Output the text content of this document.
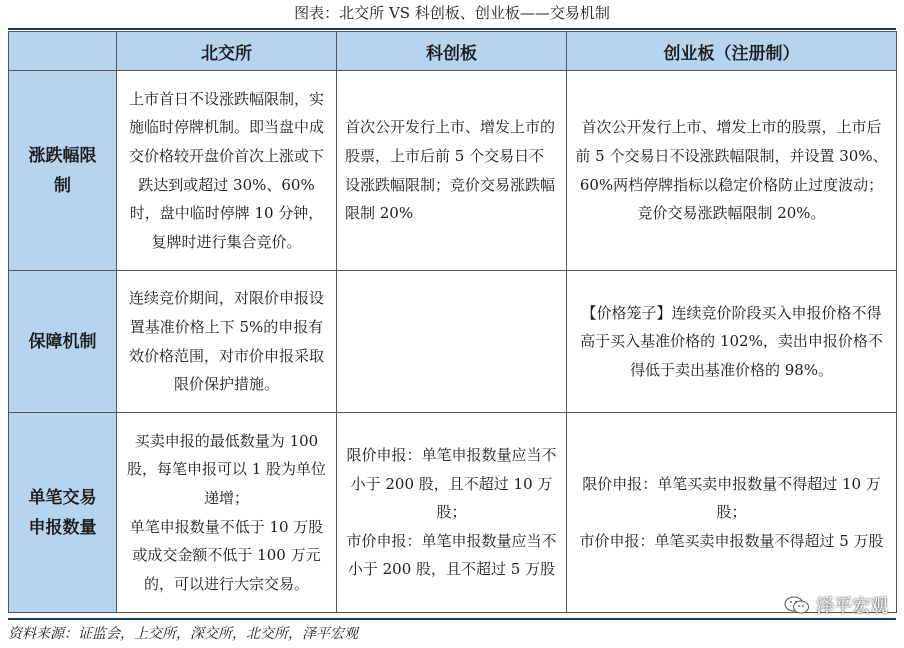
图表：北交所 VS 科创板、创业板——交易机制
	北交所	科创板	创业板（注册制）
涨跌幅限制	上市首日不设涨跌幅限制，实施临时停牌机制。即当盘中成交价格较开盘价首次上涨或下跌达到或超过 30%、60%时，盘中临时停牌 10 分钟，复牌时进行集合竞价。	首次公开发行上市、增发上市的股票，上市后前 5 个交易日不设涨跌幅限制；竞价交易涨跌幅限制 20%	首次公开发行上市、增发上市的股票，上市后前 5 个交易日不设涨跌幅限制，并设置 30%、60%两档停牌指标以稳定价格防止过度波动；
竞价交易涨跌幅限制 20%。

保障机制	连续竞价期间，对限价申报设置基准价格上下 5%的申报有效价格范围，对市价申报采取限价保护措施。		【价格笼子】连续竞价阶段买入申报价格不得高于买入基准价格的 102%，卖出申报价格不得低于卖出基准价格的 98%。

单笔交易申报数量	买卖申报的最低数量为 100 股，每笔申报可以 1 股为单位递增；
单笔申报数量不低于 10 万股或成交金额不低于 100 万元的，可以进行大宗交易。	限价申报：单笔申报数量应当不小于 200 股，且不超过 10 万股；
市价申报：单笔申报数量应当不小于 200 股，且不超过 5 万股	限价申报：单笔买卖申报数量不得超过 10 万股；
市价申报：单笔买卖申报数量不得超过 5 万股
资料来源：证监会，上交所，深交所，北交所，泽平宏观
泽平宏观
